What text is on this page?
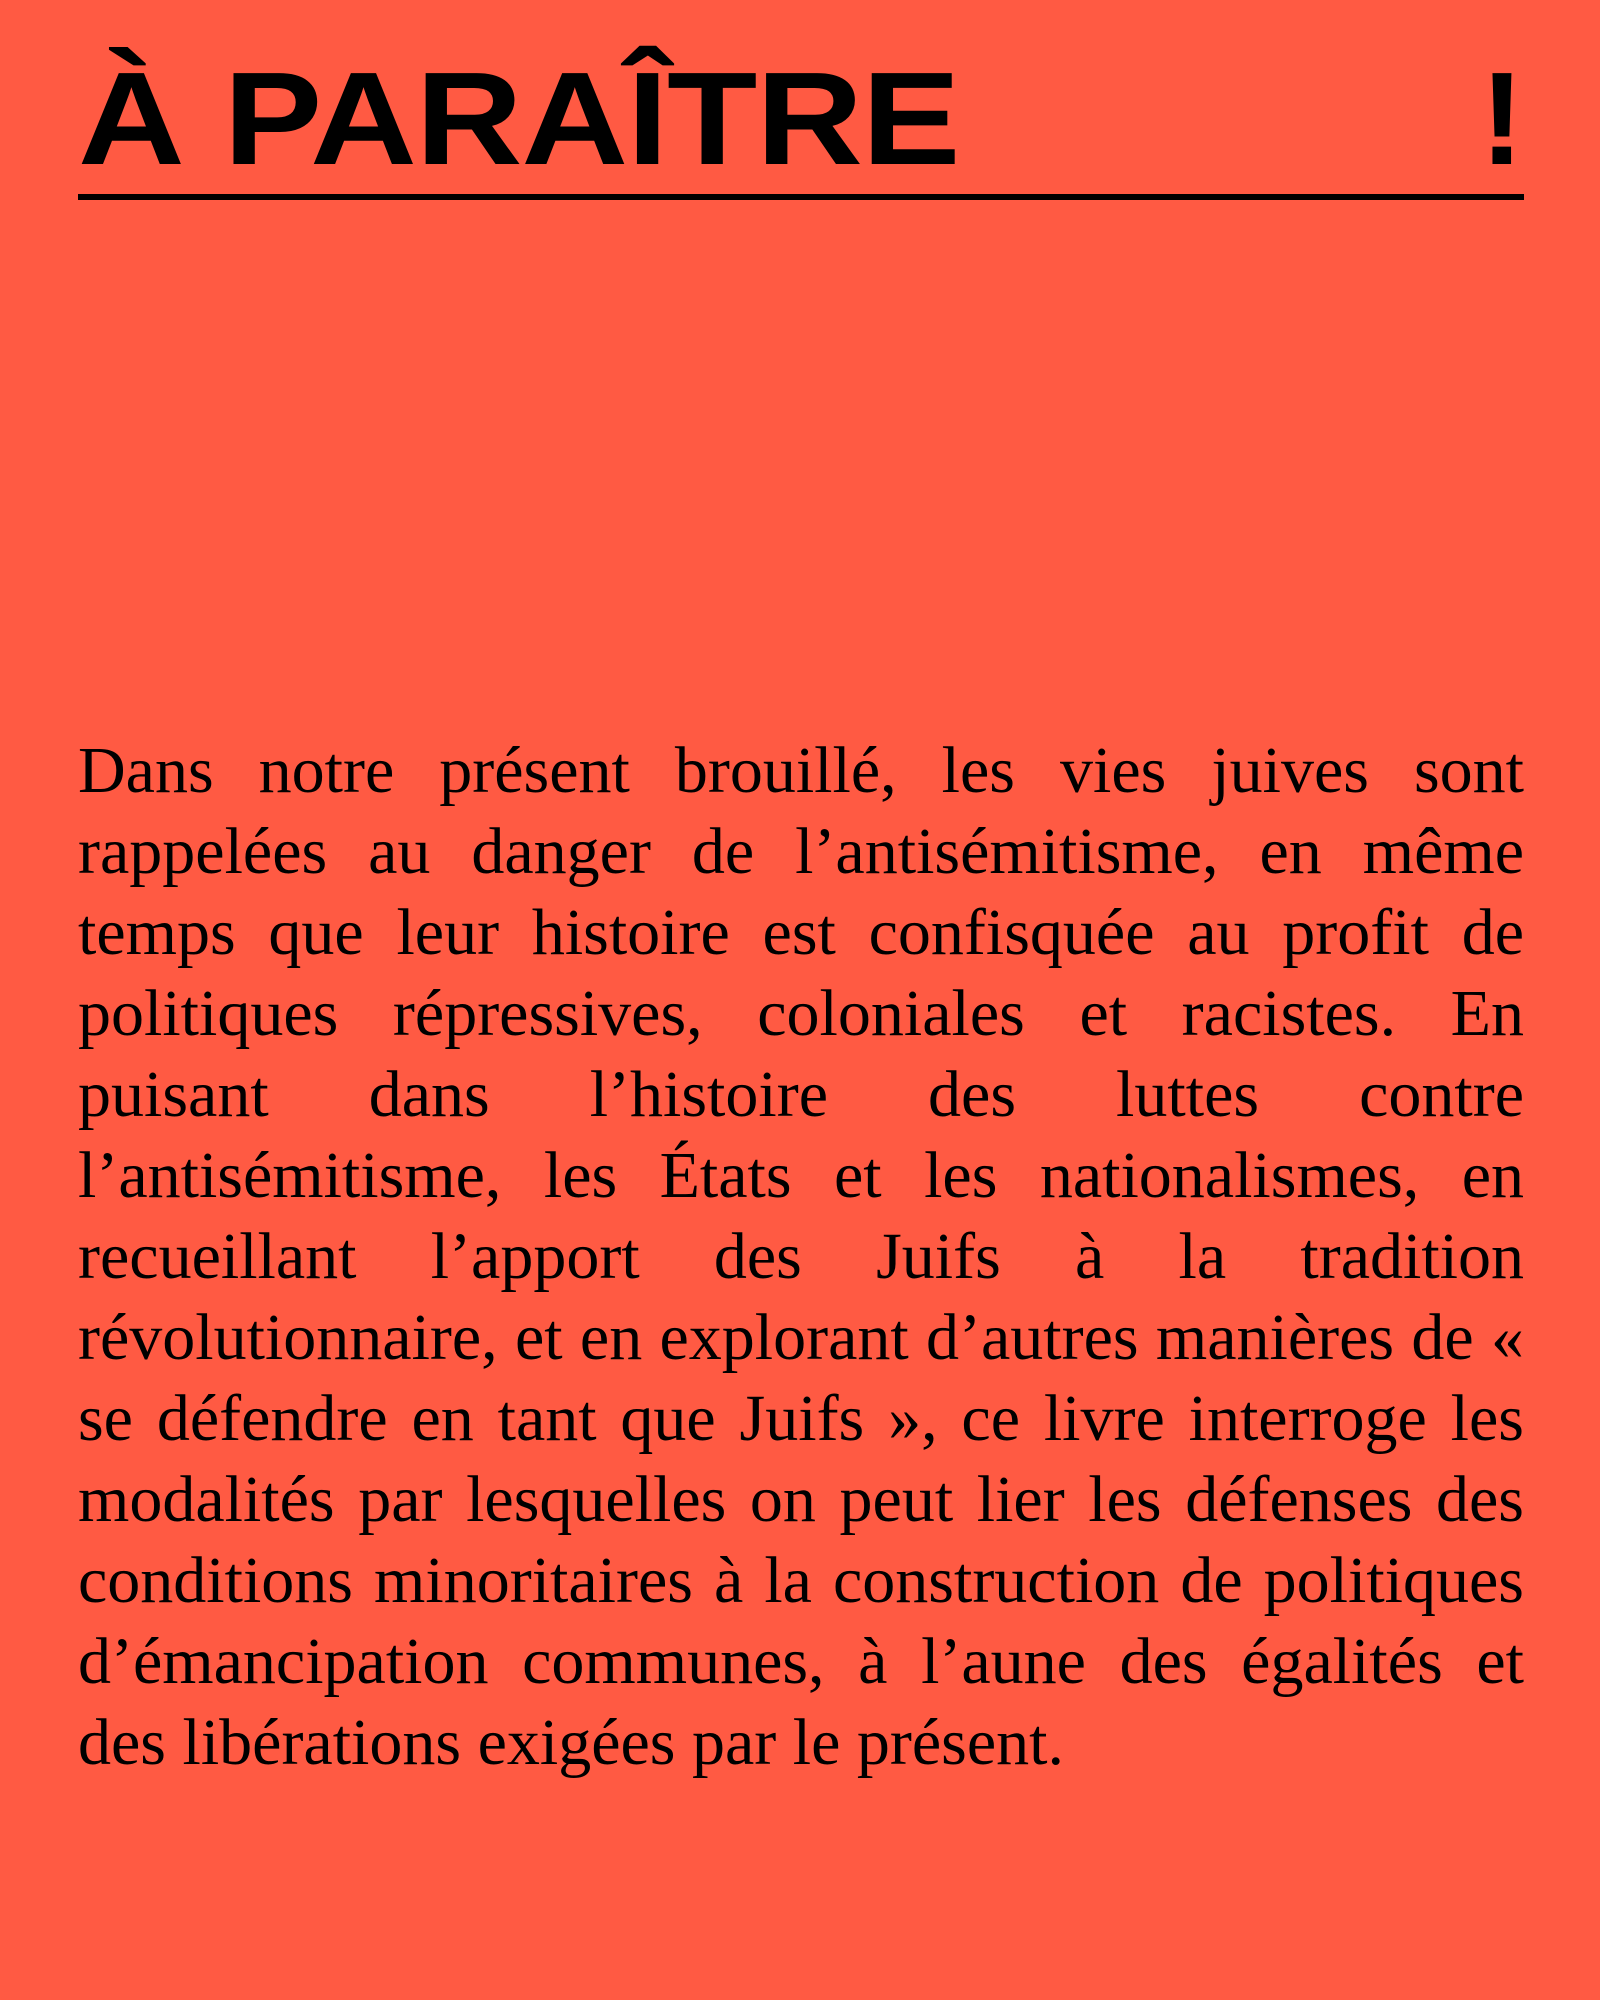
À PARAÎTRE	!

Dans notre présent brouillé, les vies juives sont rappelées au danger de l’antisémitisme, en même temps que leur histoire est confisquée au profit de politiques répressives, coloniales et racistes. En puisant dans l’histoire des luttes contre l’antisémitisme, les États et les nationalismes, en recueillant l’apport des Juifs à la tradition révolutionnaire, et en explorant d’autres manières de « se défendre en tant que Juifs », ce livre interroge les modalités par lesquelles on peut lier les défenses des conditions minoritaires à la construction de politiques d’émancipation communes, à l’aune des égalités et des libérations exigées par le présent.
